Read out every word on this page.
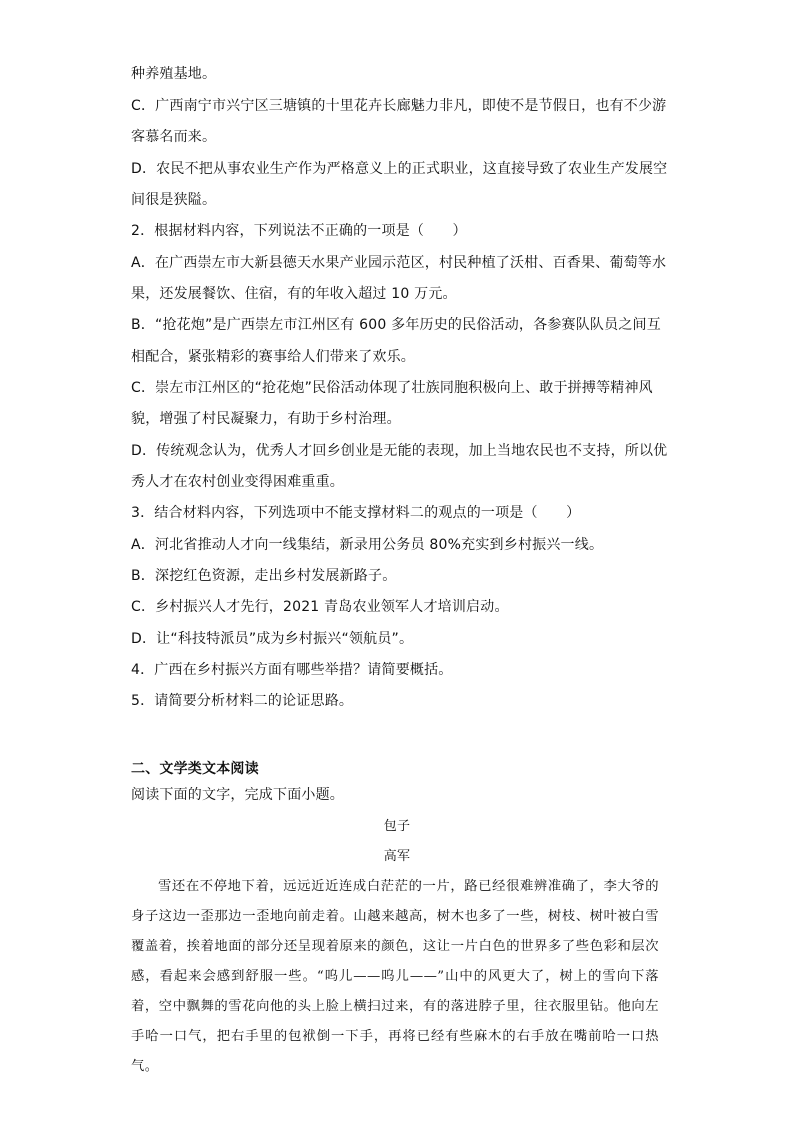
种养殖基地。
C．广西南宁市兴宁区三塘镇的十里花卉长廊魅力非凡，即使不是节假日，也有不少游
客慕名而来。
D．农民不把从事农业生产作为严格意义上的正式职业，这直接导致了农业生产发展空
间很是狭隘。
2．根据材料内容，下列说法不正确的一项是（　　）
A．在广西崇左市大新县德天水果产业园示范区，村民种植了沃柑、百香果、葡萄等水
果，还发展餐饮、住宿，有的年收入超过 10 万元。
B．“抢花炮”是广西崇左市江州区有 600 多年历史的民俗活动，各参赛队队员之间互
相配合，紧张精彩的赛事给人们带来了欢乐。
C．崇左市江州区的“抢花炮”民俗活动体现了壮族同胞积极向上、敢于拼搏等精神风
貌，增强了村民凝聚力，有助于乡村治理。
D．传统观念认为，优秀人才回乡创业是无能的表现，加上当地农民也不支持，所以优
秀人才在农村创业变得困难重重。
3．结合材料内容，下列选项中不能支撑材料二的观点的一项是（　　）
A．河北省推动人才向一线集结，新录用公务员 80%充实到乡村振兴一线。
B．深挖红色资源，走出乡村发展新路子。
C．乡村振兴人才先行，2021 青岛农业领军人才培训启动。
D．让“科技特派员”成为乡村振兴“领航员”。
4．广西在乡村振兴方面有哪些举措？请简要概括。
5．请简要分析材料二的论证思路。
二、文学类文本阅读
阅读下面的文字，完成下面小题。
包子
高军

雪还在不停地下着，远远近近连成白茫茫的一片，路已经很难辨准确了，李大爷的身子这边一歪那边一歪地向前走着。山越来越高，树木也多了一些，树枝、树叶被白雪覆盖着，挨着地面的部分还呈现着原来的颜色，这让一片白色的世界多了些色彩和层次感，看起来会感到舒服一些。“呜儿——呜儿——”山中的风更大了，树上的雪向下落着，空中飘舞的雪花向他的头上脸上横扫过来，有的落进脖子里，往衣服里钻。他向左手哈一口气，把右手里的包袱倒一下手，再将已经有些麻木的右手放在嘴前哈一口热气。
